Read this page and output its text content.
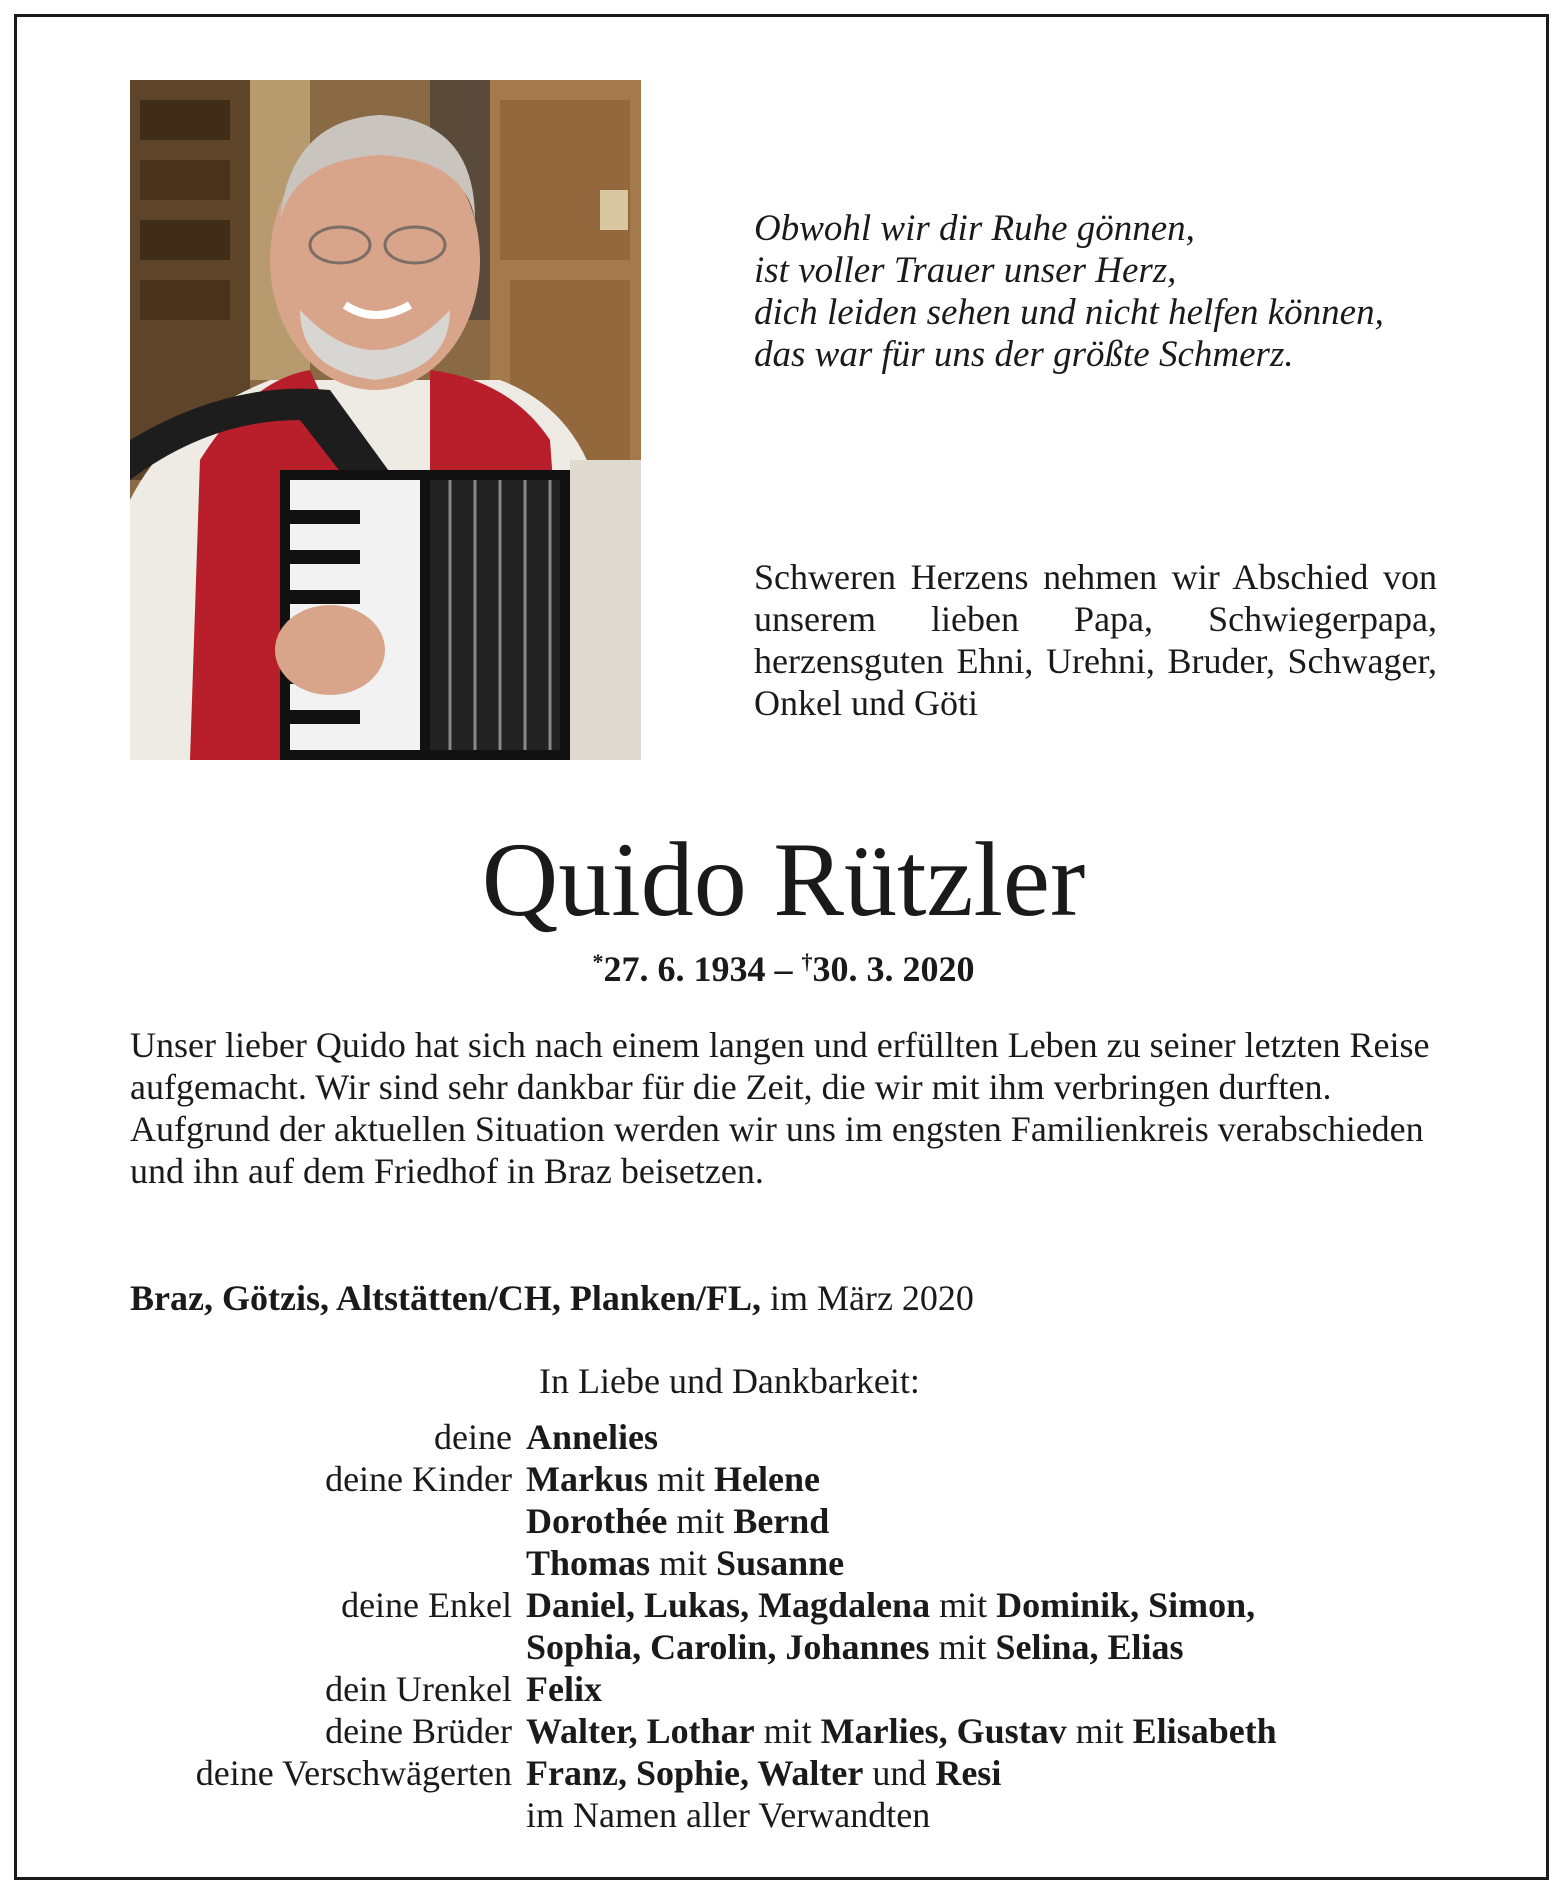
Obwohl wir dir Ruhe gönnen,
ist voller Trauer unser Herz,
dich leiden sehen und nicht helfen können,
das war für uns der größte Schmerz.
Schweren Herzens nehmen wir Abschied von unserem lieben Papa, Schwiegerpapa, herzensguten Ehni, Urehni, Bruder, Schwager, Onkel und Göti
Quido Rützler
*27. 6. 1934 – †30. 3. 2020

Unser lieber Quido hat sich nach einem langen und erfüllten Leben zu seiner letzten Reise aufgemacht. Wir sind sehr dankbar für die Zeit, die wir mit ihm verbringen durften.

Aufgrund der aktuellen Situation werden wir uns im engsten Familienkreis verabschieden und ihn auf dem Friedhof in Braz beisetzen.

Braz, Götzis, Altstätten/CH, Planken/FL, im März 2020
In Liebe und Dankbarkeit:
deine Annelies
deine Kinder Markus mit Helene
Dorothée mit Bernd
Thomas mit Susanne
deine Enkel Daniel, Lukas, Magdalena mit Dominik, Simon,
Sophia, Carolin, Johannes mit Selina, Elias
dein Urenkel Felix
deine Brüder Walter, Lothar mit Marlies, Gustav mit Elisabeth
deine Verschwägerten Franz, Sophie, Walter und Resi
im Namen aller Verwandten
